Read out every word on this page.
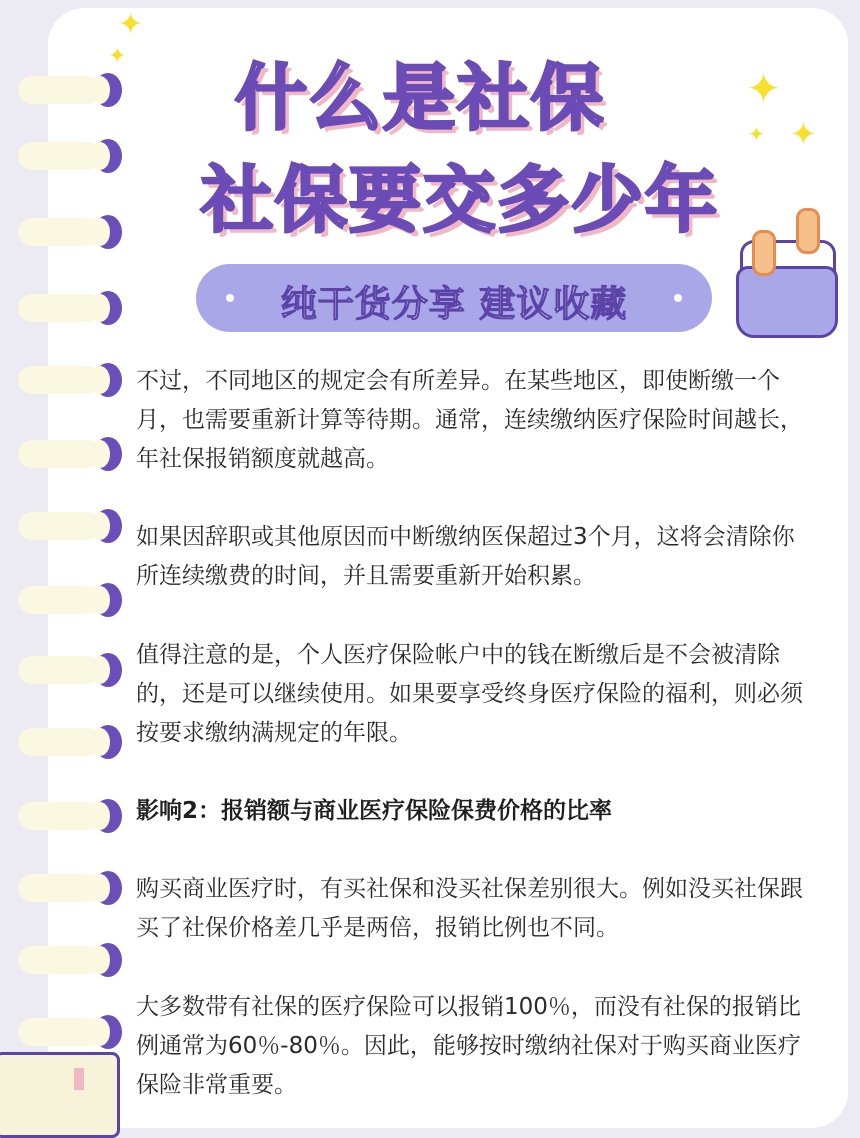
✦
✦
✦
✦
✦
什么是社保
社保要交多少年
纯干货分享 建议收藏
不过，不同地区的规定会有所差异。在某些地区，即使断缴一个月，也需要重新计算等待期。通常，连续缴纳医疗保险时间越长，年社保报销额度就越高。
如果因辞职或其他原因而中断缴纳医保超过3个月，这将会清除你所连续缴费的时间，并且需要重新开始积累。
值得注意的是，个人医疗保险帐户中的钱在断缴后是不会被清除的，还是可以继续使用。如果要享受终身医疗保险的福利，则必须按要求缴纳满规定的年限。
影响2：报销额与商业医疗保险保费价格的比率
购买商业医疗时，有买社保和没买社保差别很大。例如没买社保跟买了社保价格差几乎是两倍，报销比例也不同。
大多数带有社保的医疗保险可以报销100％，而没有社保的报销比例通常为60％-80％。因此，能够按时缴纳社保对于购买商业医疗保险非常重要。
